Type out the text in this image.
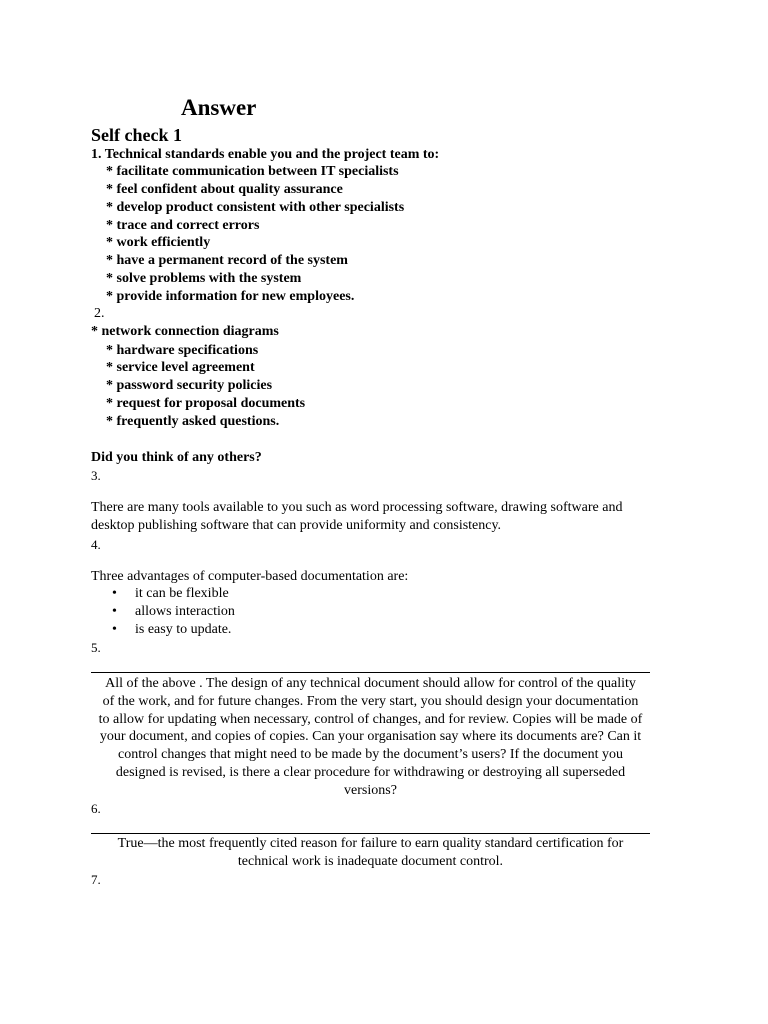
Answer
Self check 1
1. Technical standards enable you and the project team to:
* facilitate communication between IT specialists
* feel confident about quality assurance
* develop product consistent with other specialists
* trace and correct errors
* work efficiently
* have a permanent record of the system
* solve problems with the system
* provide information for new employees.
2.
* network connection diagrams
* hardware specifications
* service level agreement
* password security policies
* request for proposal documents
* frequently asked questions.
Did you think of any others?
3.
There are many tools available to you such as word processing software, drawing software and
desktop publishing software that can provide uniformity and consistency.
4.
Three advantages of computer-based documentation are:
• it can be flexible
• allows interaction
• is easy to update.
5.
All of the above . The design of any technical document should allow for control of the quality
of the work, and for future changes. From the very start, you should design your documentation
to allow for updating when necessary, control of changes, and for review. Copies will be made of
your document, and copies of copies. Can your organisation say where its documents are? Can it
control changes that might need to be made by the document’s users? If the document you
designed is revised, is there a clear procedure for withdrawing or destroying all superseded
versions?
6.
True—the most frequently cited reason for failure to earn quality standard certification for
technical work is inadequate document control.
7.
